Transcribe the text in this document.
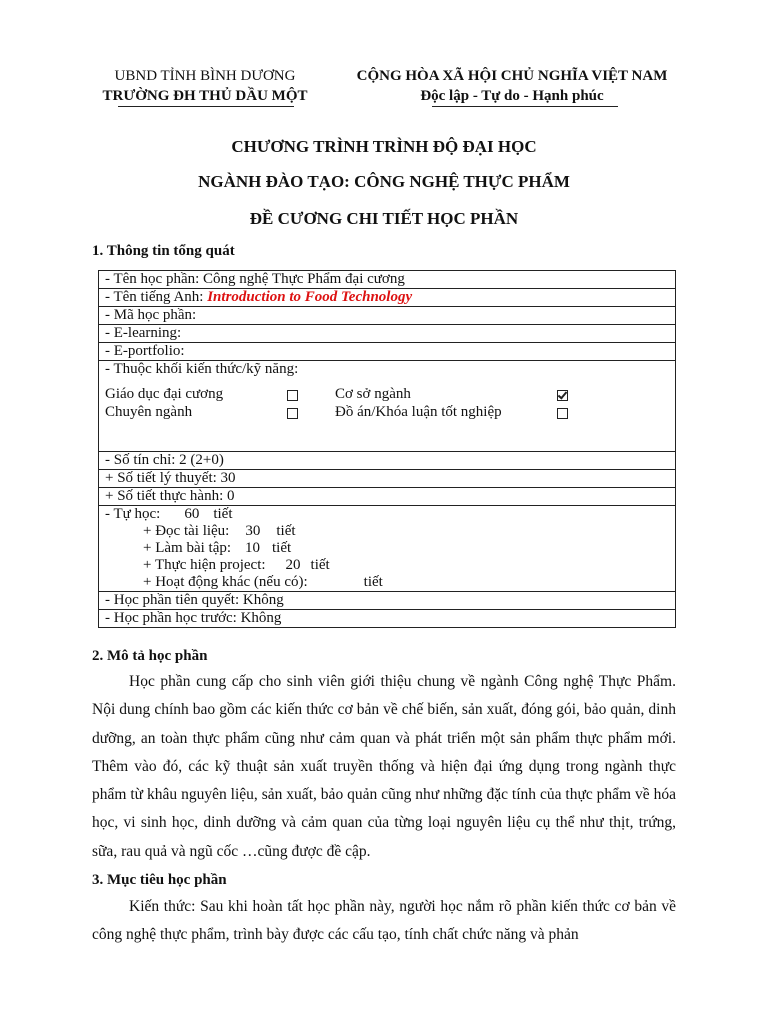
UBND TỈNH BÌNH DƯƠNG
TRƯỜNG ĐH THỦ DẦU MỘT
CỘNG HÒA XÃ HỘI CHỦ NGHĨA VIỆT NAM
Độc lập - Tự do - Hạnh phúc
CHƯƠNG TRÌNH TRÌNH ĐỘ ĐẠI HỌC
NGÀNH ĐÀO TẠO: CÔNG NGHỆ THỰC PHẨM
ĐỀ CƯƠNG CHI TIẾT HỌC PHẦN
1. Thông tin tổng quát
- Tên học phần: Công nghệ Thực Phẩm đại cương
- Tên tiếng Anh: Introduction to Food Technology
- Mã học phần:
- E-learning:
- E-portfolio:

- Thuộc khối kiến thức/kỹ năng:
Giáo dục đại cương	Cơ sở ngành
Chuyên ngành	Đồ án/Khóa luận tốt nghiệp

- Số tín chỉ: 2 (2+0)
+ Số tiết lý thuyết: 30
+ Số tiết thực hành: 0

- Tự học: 60 tiết
+ Đọc tài liệu: 30 tiết
+ Làm bài tập: 10 tiết
+ Thực hiện project: 20 tiết
+ Hoạt động khác (nếu có):	tiết

- Học phần tiên quyết: Không
- Học phần học trước: Không
2. Mô tả học phần

Học phần cung cấp cho sinh viên giới thiệu chung về ngành Công nghệ Thực Phẩm. Nội dung chính bao gồm các kiến thức cơ bản về chế biến, sản xuất, đóng gói, bảo quản, dinh dưỡng, an toàn thực phẩm cũng như cảm quan và phát triển một sản phẩm thực phẩm mới. Thêm vào đó, các kỹ thuật sản xuất truyền thống và hiện đại ứng dụng trong ngành thực phẩm từ khâu nguyên liệu, sản xuất, bảo quản cũng như những đặc tính của thực phẩm về hóa học, vi sinh học, dinh dưỡng và cảm quan của từng loại nguyên liệu cụ thể như thịt, trứng, sữa, rau quả và ngũ cốc …cũng được đề cập.

3. Mục tiêu học phần

Kiến thức: Sau khi hoàn tất học phần này, người học nắm rõ phần kiến thức cơ bản về công nghệ thực phẩm, trình bày được các cấu tạo, tính chất chức năng và phản
